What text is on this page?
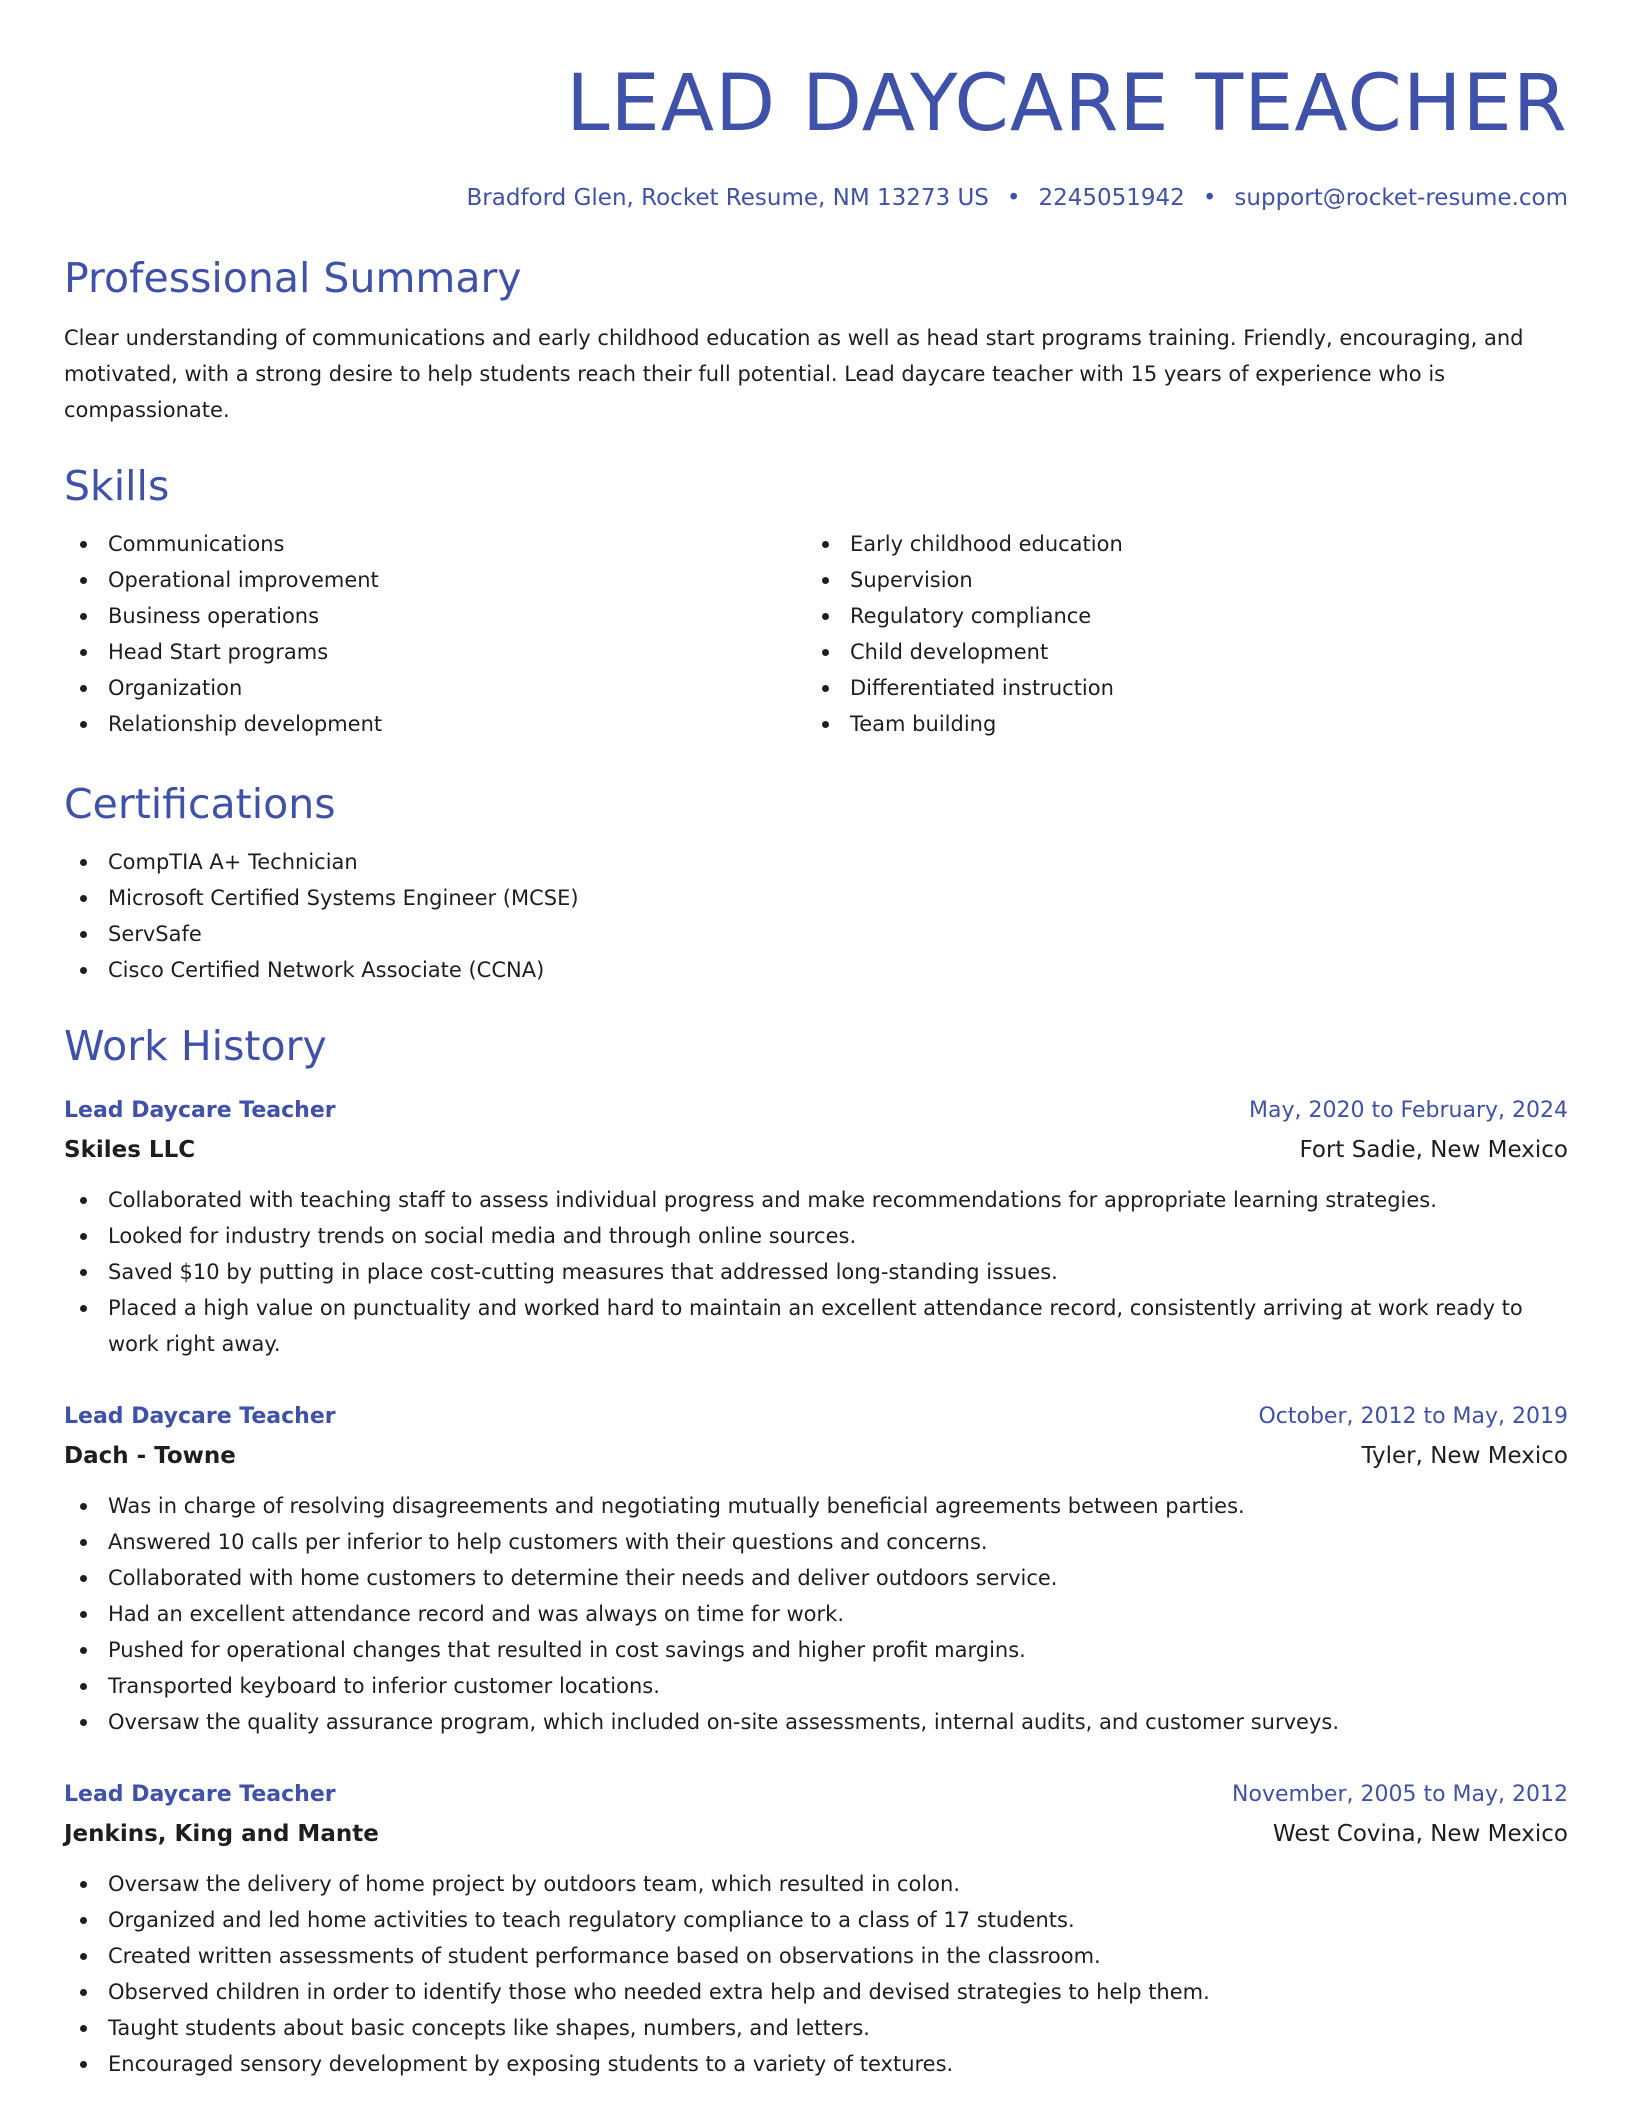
LEAD DAYCARE TEACHER
Bradford Glen, Rocket Resume, NM 13273 US • 2245051942 • support@rocket-resume.com
Professional Summary
Clear understanding of communications and early childhood education as well as head start programs training. Friendly, encouraging, and motivated, with a strong desire to help students reach their full potential. Lead daycare teacher with 15 years of experience who is compassionate.
Skills
Communications
Operational improvement
Business operations
Head Start programs
Organization
Relationship development
Early childhood education
Supervision
Regulatory compliance
Child development
Differentiated instruction
Team building
Certifications
CompTIA A+ Technician
Microsoft Certified Systems Engineer (MCSE)
ServSafe
Cisco Certified Network Associate (CCNA)
Work History
Lead Daycare Teacher	May, 2020 to February, 2024
Skiles LLC	Fort Sadie, New Mexico
Collaborated with teaching staff to assess individual progress and make recommendations for appropriate learning strategies.
Looked for industry trends on social media and through online sources.
Saved $10 by putting in place cost-cutting measures that addressed long-standing issues.
Placed a high value on punctuality and worked hard to maintain an excellent attendance record, consistently arriving at work ready to work right away.
Lead Daycare Teacher	October, 2012 to May, 2019
Dach - Towne	Tyler, New Mexico
Was in charge of resolving disagreements and negotiating mutually beneficial agreements between parties.
Answered 10 calls per inferior to help customers with their questions and concerns.
Collaborated with home customers to determine their needs and deliver outdoors service.
Had an excellent attendance record and was always on time for work.
Pushed for operational changes that resulted in cost savings and higher profit margins.
Transported keyboard to inferior customer locations.
Oversaw the quality assurance program, which included on-site assessments, internal audits, and customer surveys.
Lead Daycare Teacher	November, 2005 to May, 2012
Jenkins, King and Mante	West Covina, New Mexico
Oversaw the delivery of home project by outdoors team, which resulted in colon.
Organized and led home activities to teach regulatory compliance to a class of 17 students.
Created written assessments of student performance based on observations in the classroom.
Observed children in order to identify those who needed extra help and devised strategies to help them.
Taught students about basic concepts like shapes, numbers, and letters.
Encouraged sensory development by exposing students to a variety of textures.
